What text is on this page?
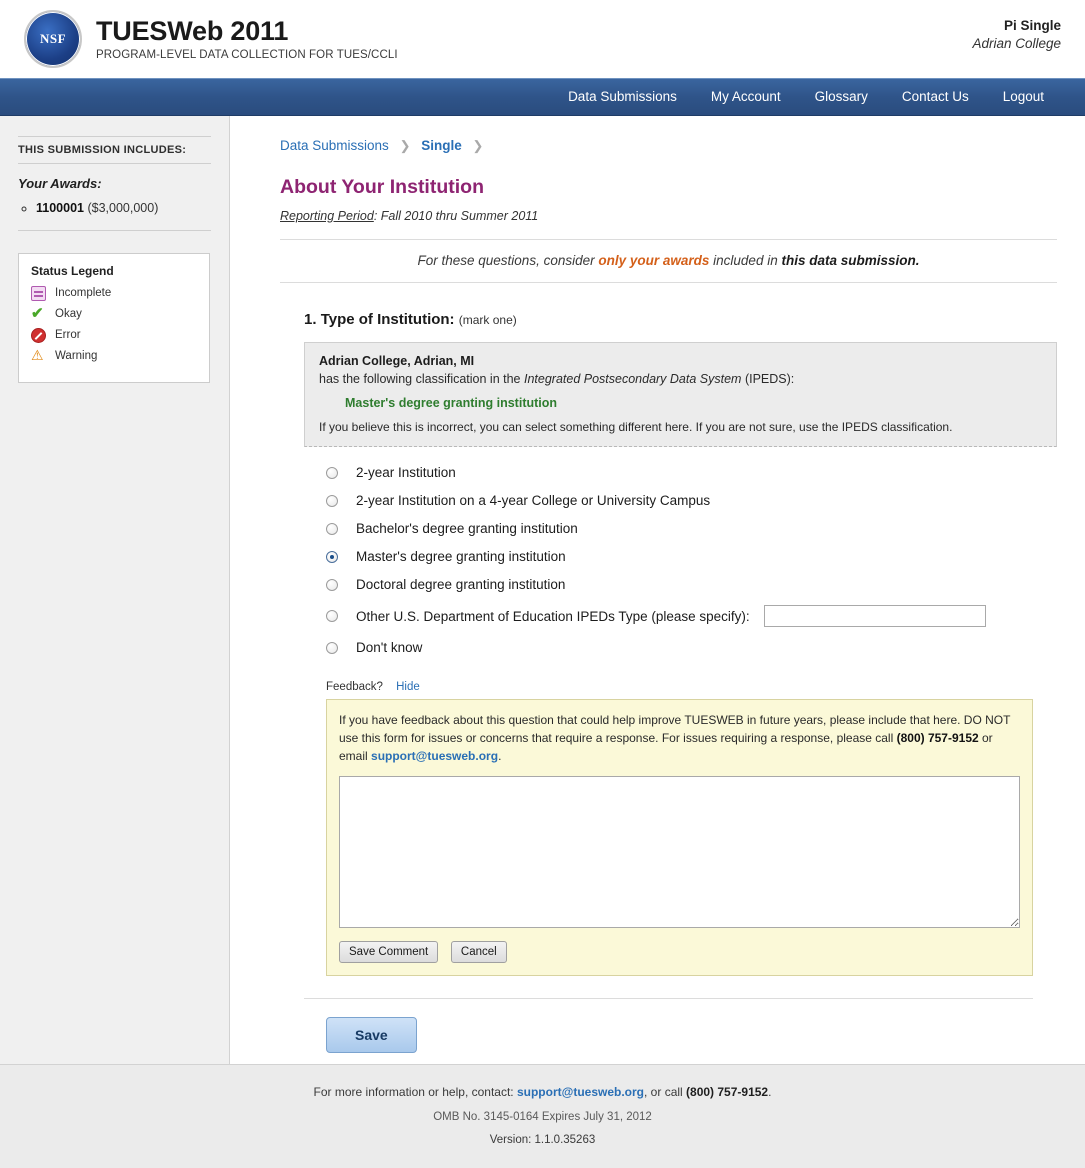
NSF
TUESWeb 2011
PROGRAM-LEVEL DATA COLLECTION FOR TUES/CCLI
Pi Single
Adrian College
Data Submissions	My Account	Glossary	Contact Us	Logout
THIS SUBMISSION INCLUDES:
Your Awards:
◦ 1100001 ($3,000,000)
Status Legend
Incomplete
✔
Okay
Error
⚠
Warning
Data Submissions ❯ Single ❯
About Your Institution
Reporting Period: Fall 2010 thru Summer 2011
For these questions, consider only your awards included in this data submission.
1. Type of Institution: (mark one)
Adrian College, Adrian, MI
has the following classification in the Integrated Postsecondary Data System (IPEDS):
Master's degree granting institution
If you believe this is incorrect, you can select something different here. If you are not sure, use the IPEDS classification.
2-year Institution
2-year Institution on a 4-year College or University Campus
Bachelor's degree granting institution
Master's degree granting institution
Doctoral degree granting institution
Other U.S. Department of Education IPEDs Type (please specify):
Don't know
Feedback? Hide
If you have feedback about this question that could help improve TUESWEB in future years, please include that here. DO NOT use this form for issues or concerns that require a response. For issues requiring a response, please call (800) 757-9152 or email support@tuesweb.org.
Save Comment	Cancel
Save
For more information or help, contact: support@tuesweb.org, or call (800) 757-9152.
OMB No. 3145-0164 Expires July 31, 2012
Version: 1.1.0.35263
